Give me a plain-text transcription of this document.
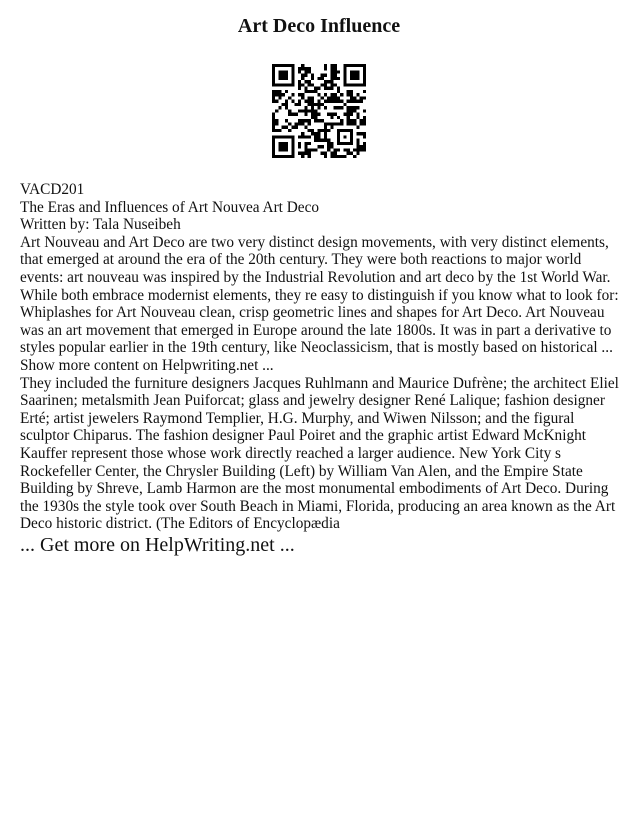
Art Deco Influence

VACD201

The Eras and Influences of Art Nouvea Art Deco

Written by: Tala Nuseibeh

Art Nouveau and Art Deco are two very distinct design movements, with very distinct elements, that emerged at around the era of the 20th century. They were both reactions to major world events: art nouveau was inspired by the Industrial Revolution and art deco by the 1st World War. While both embrace modernist elements, they re easy to distinguish if you know what to look for: Whiplashes for Art Nouveau clean, crisp geometric lines and shapes for Art Deco. Art Nouveau was an art movement that emerged in Europe around the late 1800s. It was in part a derivative to styles popular earlier in the 19th century, like Neoclassicism, that is mostly based on historical ... Show more content on Helpwriting.net ...

They included the furniture designers Jacques Ruhlmann and Maurice Dufrène; the architect Eliel Saarinen; metalsmith Jean Puiforcat; glass and jewelry designer René Lalique; fashion designer Erté; artist jewelers Raymond Templier, H.G. Murphy, and Wiwen Nilsson; and the figural sculptor Chiparus. The fashion designer Paul Poiret and the graphic artist Edward McKnight Kauffer represent those whose work directly reached a larger audience. New York City s Rockefeller Center, the Chrysler Building (Left) by William Van Alen, and the Empire State Building by Shreve, Lamb Harmon are the most monumental embodiments of Art Deco. During the 1930s the style took over South Beach in Miami, Florida, producing an area known as the Art Deco historic district. (The Editors of Encyclopædia

... Get more on HelpWriting.net ...
